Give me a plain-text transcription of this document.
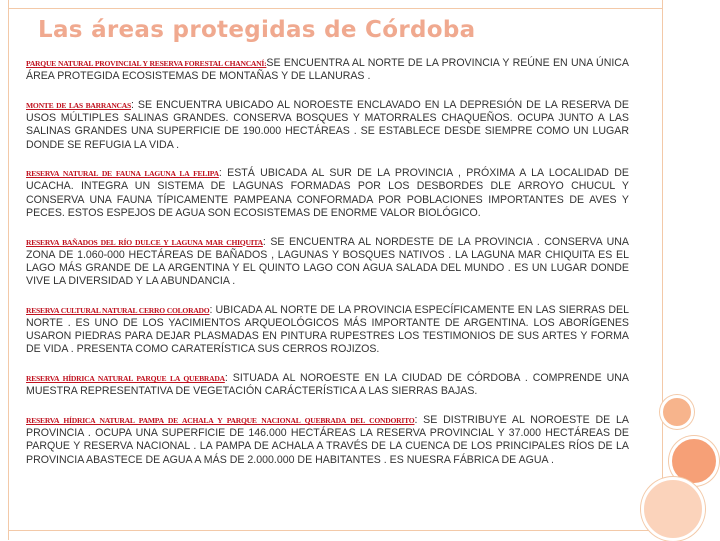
Las áreas protegidas de Córdoba

PARQUE NATURAL PROVINCIAL Y RESERVA FORESTAL CHANCANÍ:SE ENCUENTRA AL NORTE DE LA PROVINCIA Y REÚNE EN UNA ÚNICA ÁREA PROTEGIDA ECOSISTEMAS DE MONTAÑAS Y DE LLANURAS .

MONTE DE LAS BARRANCAS: SE ENCUENTRA UBICADO AL NOROESTE ENCLAVADO EN LA DEPRESIÓN DE LA RESERVA DE USOS MÚLTIPLES SALINAS GRANDES. CONSERVA BOSQUES Y MATORRALES CHAQUEÑOS. OCUPA JUNTO A LAS SALINAS GRANDES UNA SUPERFICIE DE 190.000 HECTÁREAS . SE ESTABLECE DESDE SIEMPRE COMO UN LUGAR DONDE SE REFUGIA LA VIDA .

RESERVA NATURAL DE FAUNA LAGUNA LA FELIPA: ESTÁ UBICADA AL SUR DE LA PROVINCIA , PRÓXIMA A LA LOCALIDAD DE UCACHA. INTEGRA UN SISTEMA DE LAGUNAS FORMADAS POR LOS DESBORDES DLE ARROYO CHUCUL Y CONSERVA UNA FAUNA TÍPICAMENTE PAMPEANA CONFORMADA POR POBLACIONES IMPORTANTES DE AVES Y PECES. ESTOS ESPEJOS DE AGUA SON ECOSISTEMAS DE ENORME VALOR BIOLÓGICO.

RESERVA BAÑADOS DEL RÍO DULCE Y LAGUNA MAR CHIQUITA: SE ENCUENTRA AL NORDESTE DE LA PROVINCIA . CONSERVA UNA ZONA DE 1.060-000 HECTÁREAS DE BAÑADOS , LAGUNAS Y BOSQUES NATIVOS . LA LAGUNA MAR CHIQUITA ES EL LAGO MÁS GRANDE DE LA ARGENTINA Y EL QUINTO LAGO CON AGUA SALADA DEL MUNDO . ES UN LUGAR DONDE VIVE LA DIVERSIDAD Y LA ABUNDANCIA .

RESERVA CULTURAL NATURAL CERRO COLORADO: UBICADA AL NORTE DE LA PROVINCIA ESPECÍFICAMENTE EN LAS SIERRAS DEL NORTE . ES UNO DE LOS YACIMIENTOS ARQUEOLÓGICOS MÁS IMPORTANTE DE ARGENTINA. LOS ABORÍGENES USARON PIEDRAS PARA DEJAR PLASMADAS EN PINTURA RUPESTRES LOS TESTIMONIOS DE SUS ARTES Y FORMA DE VIDA . PRESENTA COMO CARATERÍSTICA SUS CERROS ROJIZOS.

RESERVA HÍDRICA NATURAL PARQUE LA QUEBRADA: SITUADA AL NOROESTE EN LA CIUDAD DE CÓRDOBA . COMPRENDE UNA MUESTRA REPRESENTATIVA DE VEGETACIÓN CARÁCTERÍSTICA A LAS SIERRAS BAJAS.

RESERVA HÍDRICA NATURAL PAMPA DE ACHALA Y PARQUE NACIONAL QUEBRADA DEL CONDORITO: SE DISTRIBUYE AL NOROESTE DE LA PROVINCIA . OCUPA UNA SUPERFICIE DE 146.000 HECTÁREAS LA RESERVA PROVINCIAL Y 37.000 HECTÁREAS DE PARQUE Y RESERVA NACIONAL . LA PAMPA DE ACHALA A TRAVÉS DE LA CUENCA DE LOS PRINCIPALES RÍOS DE LA PROVINCIA ABASTECE DE AGUA A MÁS DE 2.000.000 DE HABITANTES . ES NUESRA FÁBRICA DE AGUA .
